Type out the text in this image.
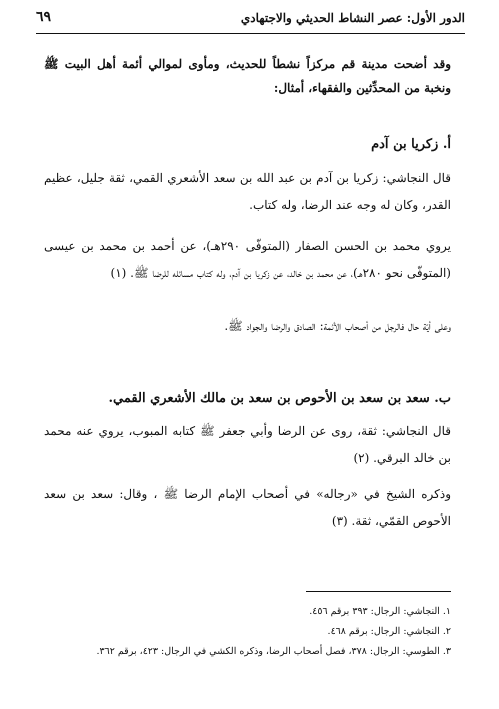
الدور الأول: عصر النشاط الحديثي والاجتهادي
٦٩

وقد أضحت مدينة قم مركزاً نشطاً للحديث، ومأوى لموالي أئمة أهل البيت ﷺ ونخبة من المحدِّثين والفقهاء، أمثال:

أ. زكريا بن آدم

قال النجاشي: زكريا بن آدم بن عبد الله بن سعد الأشعري القمي، ثقة جليل، عظيم القدر، وكان له وجه عند الرضا، وله كتاب.

يروي محمد بن الحسن الصفار (المتوفّى ٢٩٠هـ)، عن أحمد بن محمد بن عيسى (المتوفّى نحو ٢٨٠هـ)، عن محمد بن خالد، عن زكريا بن آدم، وله كتاب مسائله للرضا ﷺ. (١)

وعلى أيّة حال فالرجل من أصحاب الأئمة: الصادق والرضا والجواد ﷺ.

ب. سعد بن سعد بن الأحوص بن سعد بن مالك الأشعري القمي.

قال النجاشي: ثقة، روى عن الرضا وأبي جعفر ﷺ كتابه المبوب، يروي عنه محمد بن خالد البرقي. (٢)

وذكره الشيخ في «رجاله» في أصحاب الإمام الرضا ﷺ ، وقال: سعد بن سعد الأحوص القمّي، ثقة. (٣)

١. النجاشي: الرجال: ٣٩٣ برقم ٤٥٦.
٢. النجاشي: الرجال: برقم ٤٦٨.
٣. الطوسي: الرجال: ٣٧٨، فصل أصحاب الرضا، وذكره الكشي في الرجال: ٤٢٣، برقم ٣٦٢.
